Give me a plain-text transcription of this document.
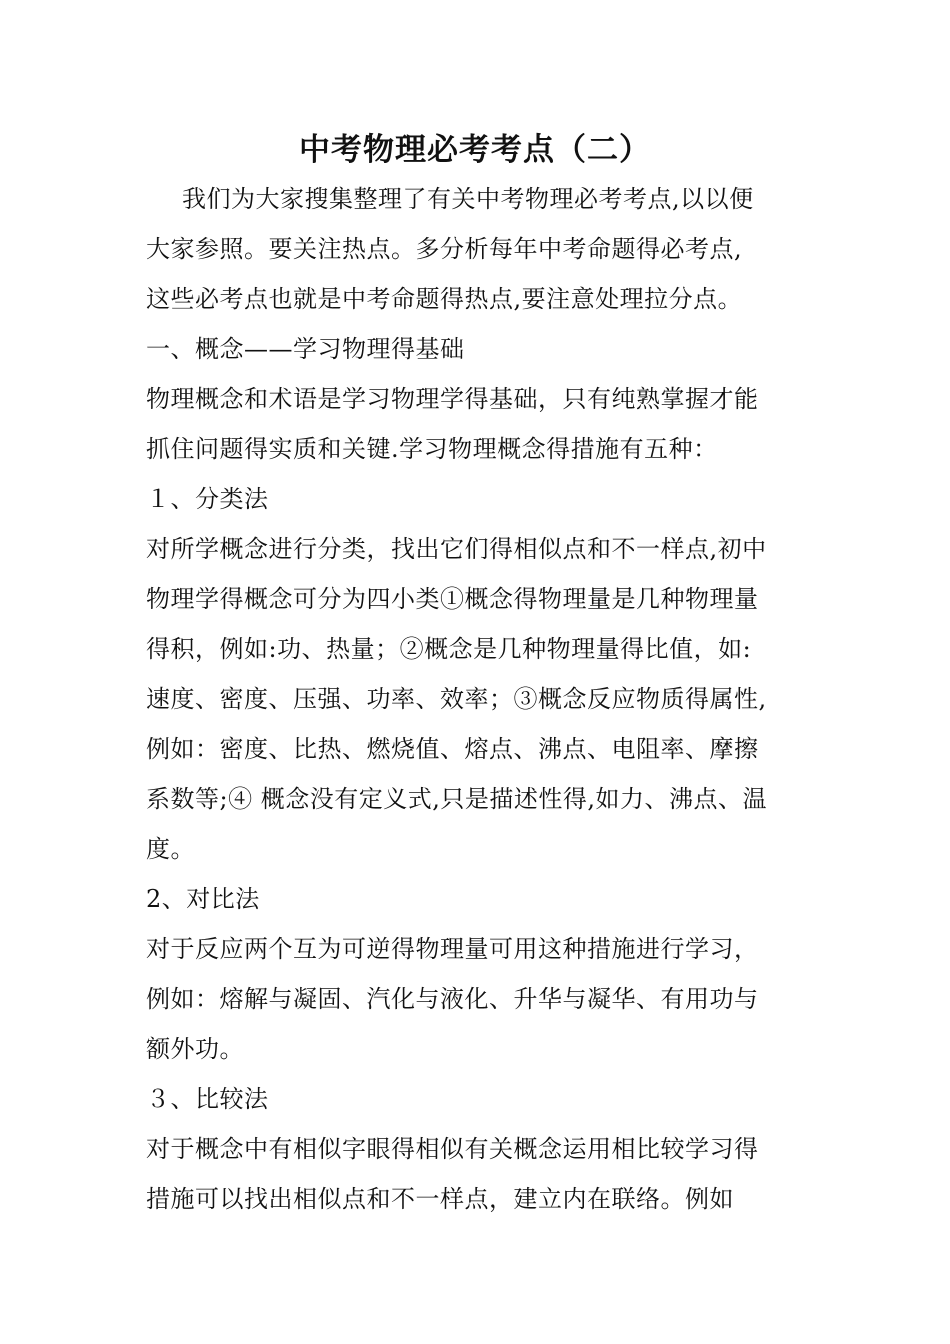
中考物理必考考点（二）
我们为大家搜集整理了有关中考物理必考考点,以以便
大家参照。要关注热点。多分析每年中考命题得必考点,
这些必考点也就是中考命题得热点,要注意处理拉分点。
一、概念——学习物理得基础
物理概念和术语是学习物理学得基础，只有纯熟掌握才能
抓住问题得实质和关键.学习物理概念得措施有五种：
１、分类法
对所学概念进行分类，找出它们得相似点和不一样点,初中
物理学得概念可分为四小类①概念得物理量是几种物理量
得积，例如:功、热量；②概念是几种物理量得比值，如:
速度、密度、压强、功率、效率；③概念反应物质得属性,
例如：密度、比热、燃烧值、熔点、沸点、电阻率、摩擦
系数等;④ 概念没有定义式,只是描述性得,如力、沸点、温
度。
2、对比法
对于反应两个互为可逆得物理量可用这种措施进行学习，
例如：熔解与凝固、汽化与液化、升华与凝华、有用功与
额外功。
３、比较法
对于概念中有相似字眼得相似有关概念运用相比较学习得
措施可以找出相似点和不一样点，建立内在联络。例如
